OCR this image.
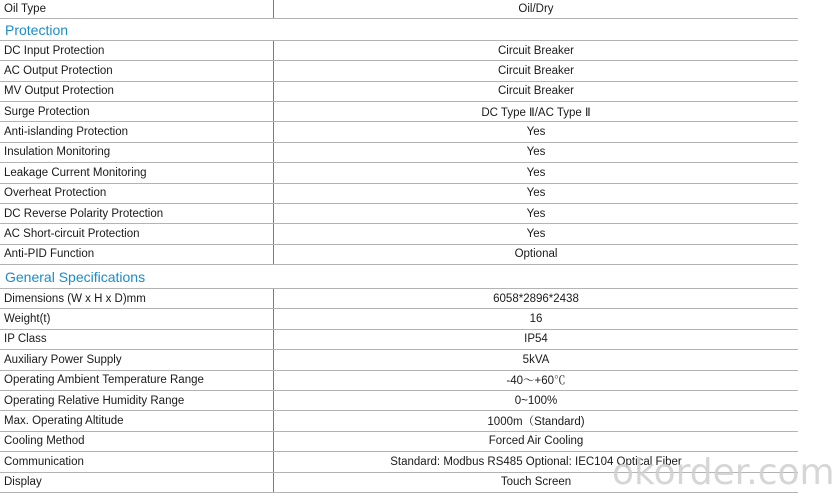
Oil Type	Oil/Dry
Protection
DC Input Protection	Circuit Breaker
AC Output Protection	Circuit Breaker
MV Output Protection	Circuit Breaker
Surge Protection	DC Type Ⅱ/AC Type Ⅱ
Anti-islanding Protection	Yes
Insulation Monitoring	Yes
Leakage Current Monitoring	Yes
Overheat Protection	Yes
DC Reverse Polarity Protection	Yes
AC Short-circuit Protection	Yes
Anti-PID Function	Optional
General Specifications
Dimensions (W x H x D)mm	6058*2896*2438
Weight(t)	16
IP Class	IP54
Auxiliary Power Supply	5kVA
Operating Ambient Temperature Range	-40～+60℃
Operating Relative Humidity Range	0~100%
Max. Operating Altitude	1000m（Standard)
Cooling Method	Forced Air Cooling
Communication	Standard: Modbus RS485 Optional: IEC104 Optical Fiber
Display	Touch Screen	okorder.com
